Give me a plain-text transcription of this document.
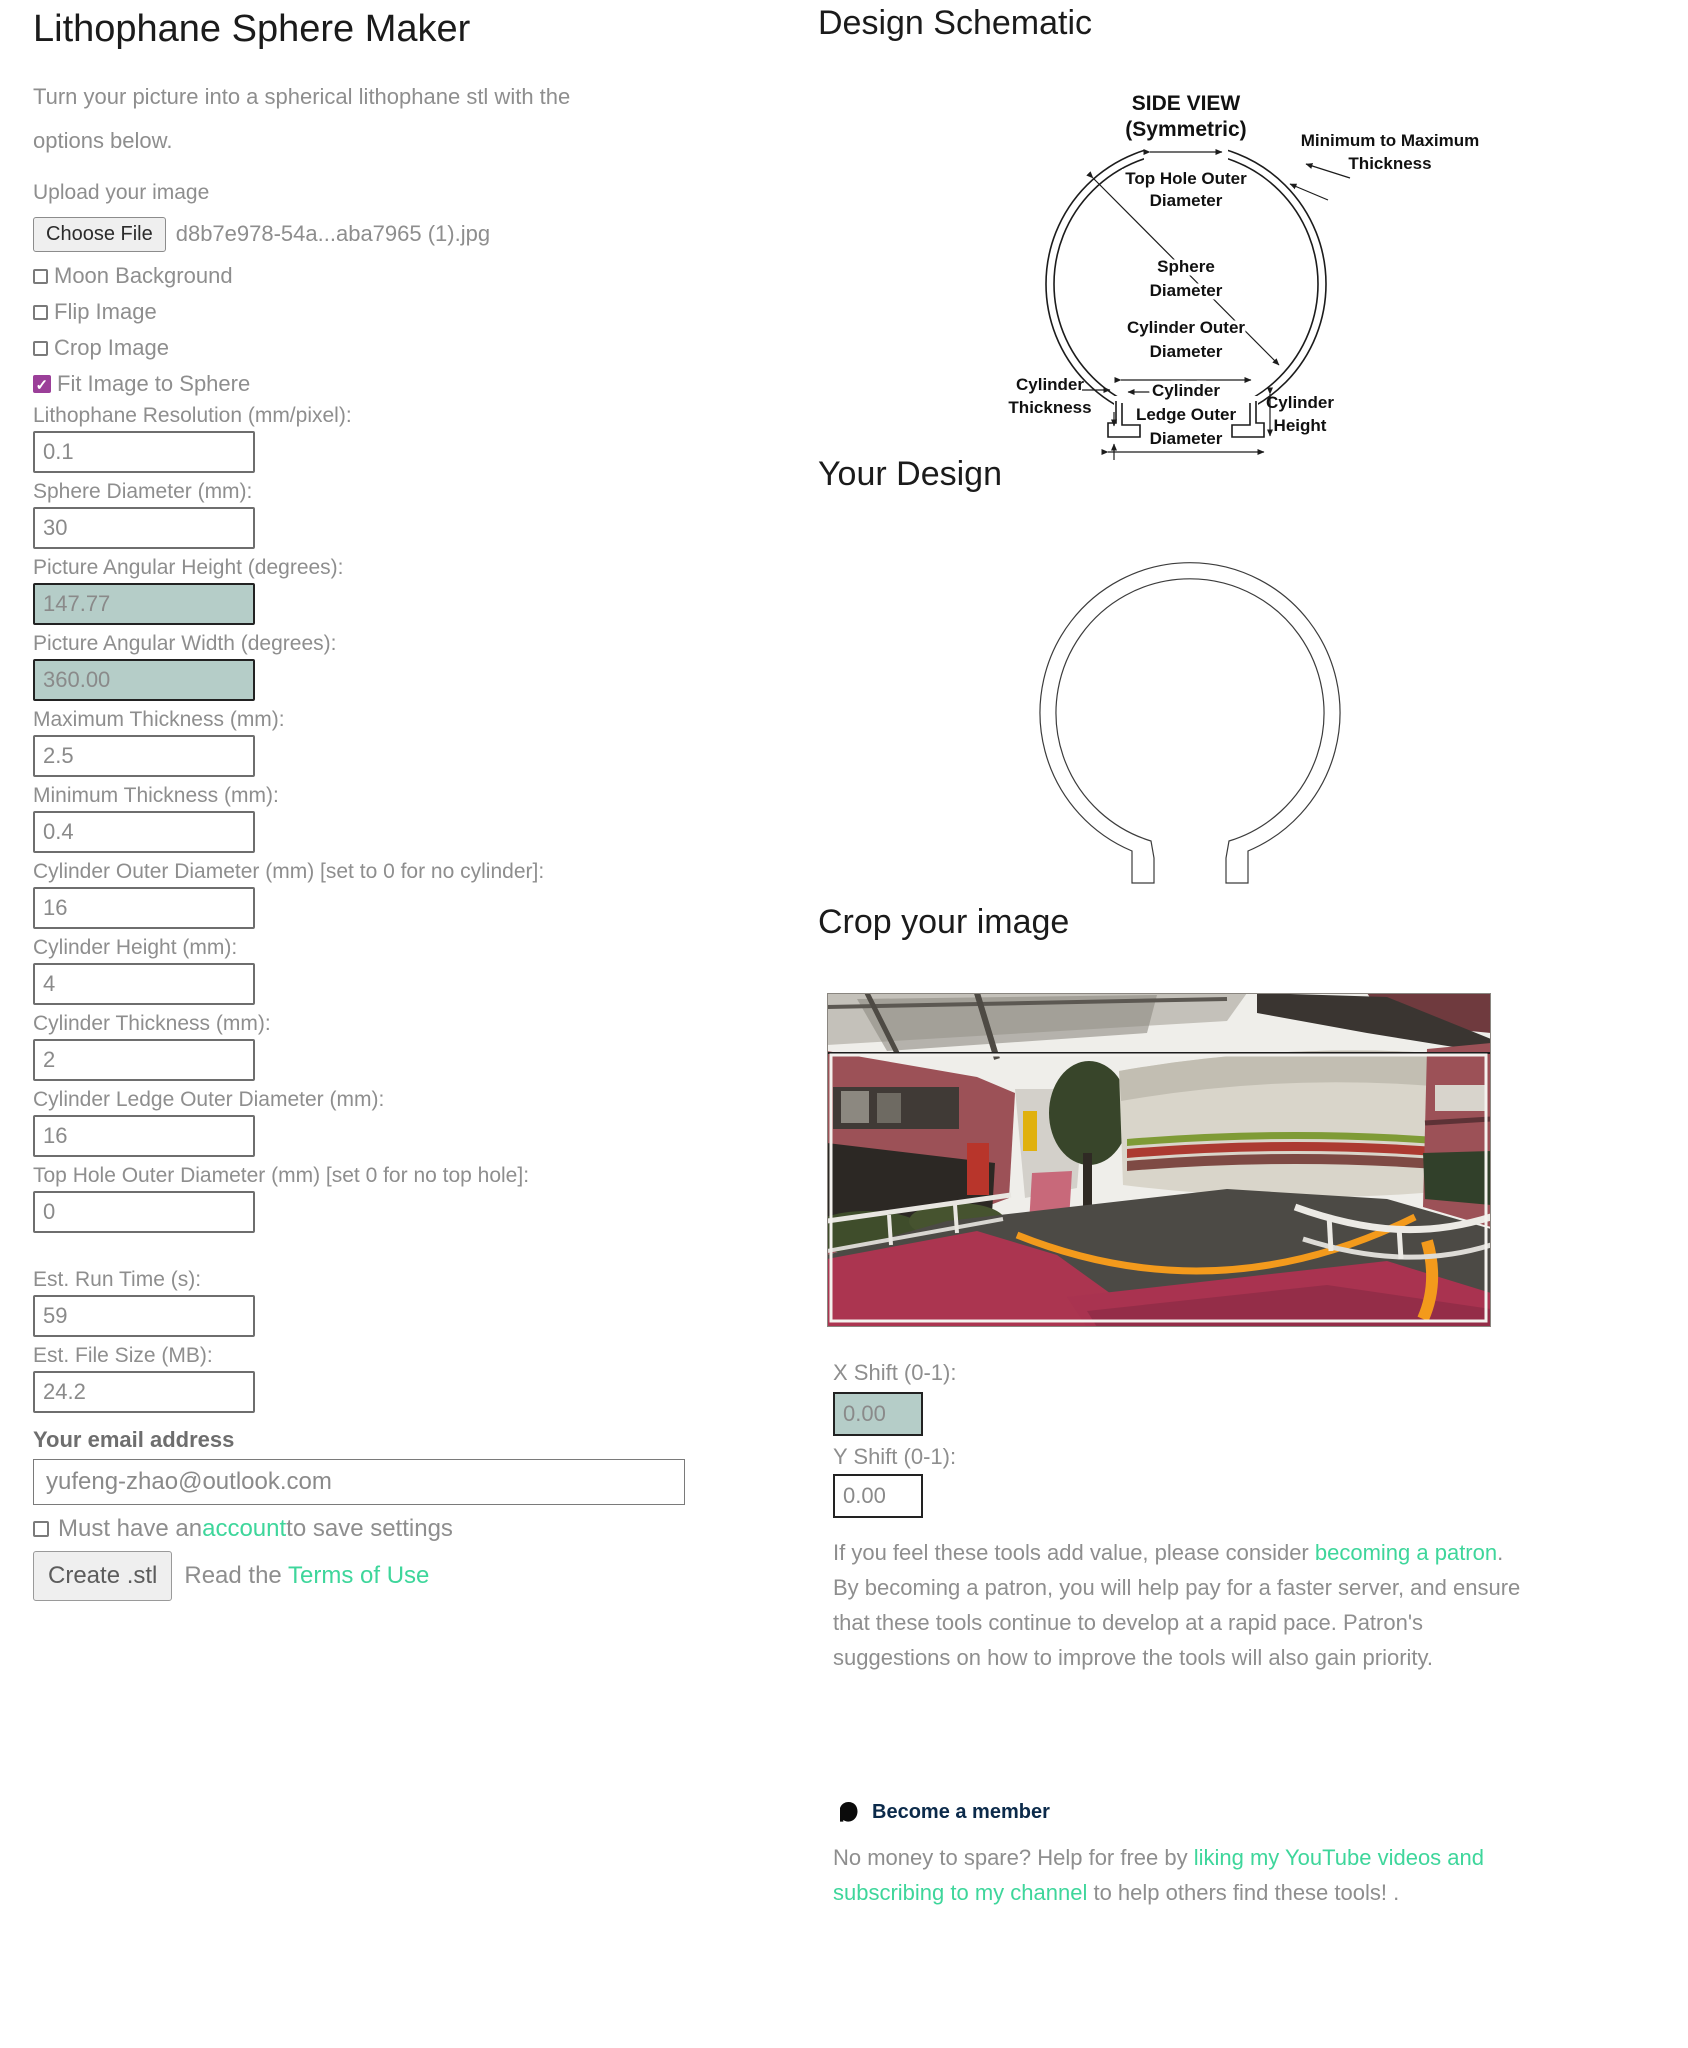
Lithophane Sphere Maker

Turn your picture into a spherical lithophane stl with the options below.

Upload your image
Choose File	d8b7e978-54a...aba7965 (1).jpg
Moon Background
Flip Image
Crop Image
✓
Fit Image to Sphere
Lithophane Resolution (mm/pixel):
0.1
Sphere Diameter (mm):
30
Picture Angular Height (degrees):
147.77
Picture Angular Width (degrees):
360.00
Maximum Thickness (mm):
2.5
Minimum Thickness (mm):
0.4
Cylinder Outer Diameter (mm) [set to 0 for no cylinder]:
16
Cylinder Height (mm):
4
Cylinder Thickness (mm):
2
Cylinder Ledge Outer Diameter (mm):
16
Top Hole Outer Diameter (mm) [set 0 for no top hole]:
0
Est. Run Time (s):
59
Est. File Size (MB):
24.2
Your email address
yufeng-zhao@outlook.com
Must have an account to save settings
Create .stl	Read the Terms of Use
Design Schematic
SIDE VIEW
(Symmetric)
Top Hole Outer
Diameter
Minimum to Maximum
Thickness
Sphere
Diameter
Cylinder Outer
Diameter
Cylinder
Thickness
Cylinder
Ledge Outer
Diameter
Cylinder
Height
Your Design
Crop your image
X Shift (0-1):
0.00
Y Shift (0-1):
0.00

If you feel these tools add value, please consider becoming a patron. By becoming a patron, you will help pay for a faster server, and ensure that these tools continue to develop at a rapid pace. Patron's suggestions on how to improve the tools will also gain priority.

Become a member

No money to spare? Help for free by liking my YouTube videos and subscribing to my channel to help others find these tools! .
